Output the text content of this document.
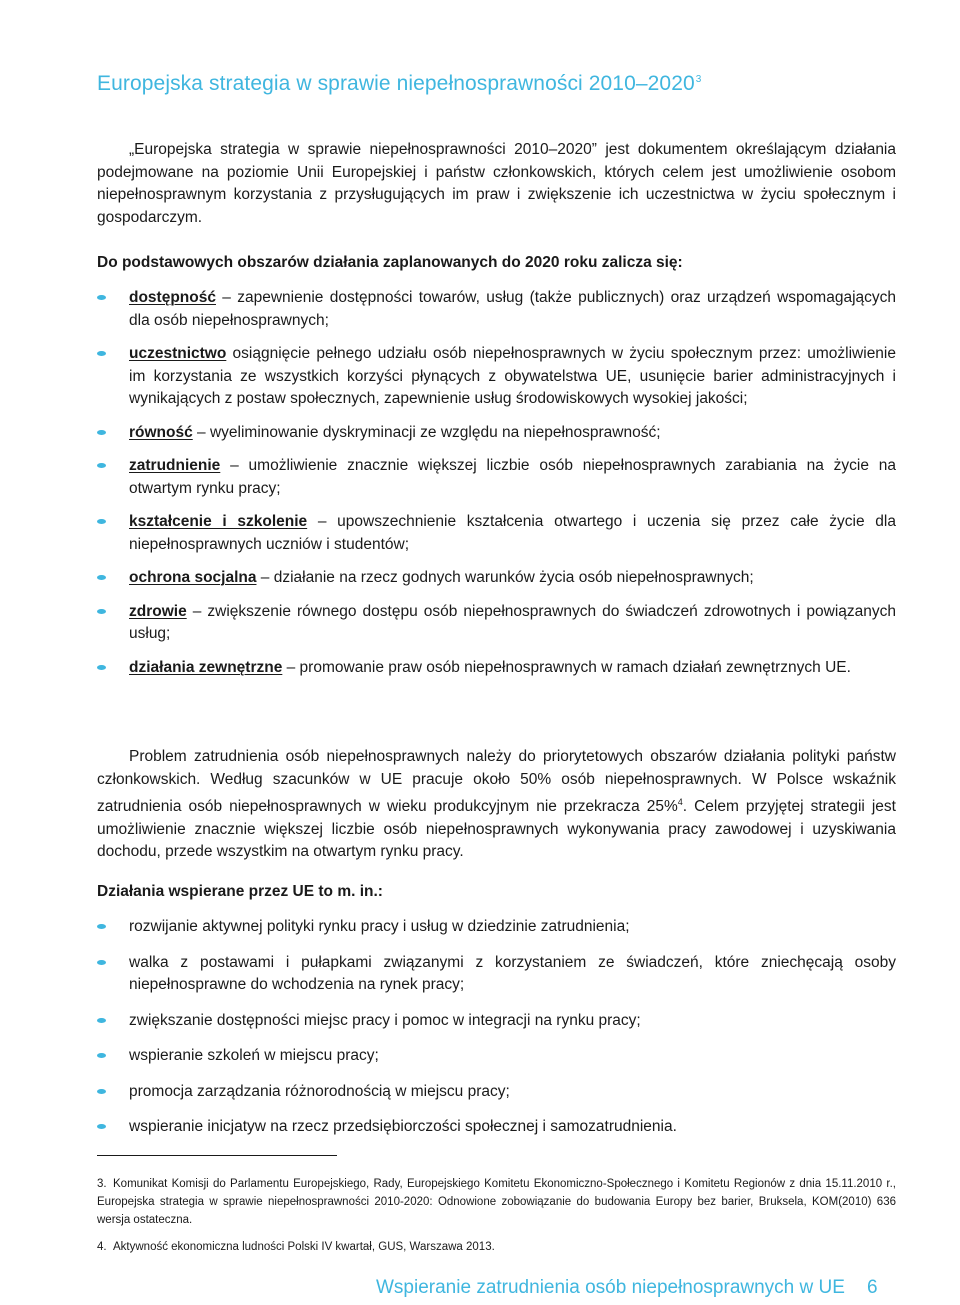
Europejska strategia w sprawie niepełnosprawności 2010–2020$^3$

„Europejska strategia w sprawie niepełnosprawności 2010–2020” jest dokumentem określającym działania podejmowane na poziomie Unii Europejskiej i państw członkowskich, których celem jest umożliwienie osobom niepełnosprawnym korzystania z przysługujących im praw i zwiększenie ich uczestnictwa w życiu społecznym i gospodarczym.

Do podstawowych obszarów działania zaplanowanych do 2020 roku zalicza się:

dostępność – zapewnienie dostępności towarów, usług (także publicznych) oraz urządzeń wspomagających dla osób niepełnosprawnych;
uczestnictwo osiągnięcie pełnego udziału osób niepełnosprawnych w życiu społecznym przez: umożliwienie im korzystania ze wszystkich korzyści płynących z obywatelstwa UE, usunięcie barier administracyjnych i wynikających z postaw społecznych, zapewnienie usług środowiskowych wysokiej jakości;
równość – wyeliminowanie dyskryminacji ze względu na niepełnosprawność;
zatrudnienie – umożliwienie znacznie większej liczbie osób niepełnosprawnych zarabiania na życie na otwartym rynku pracy;
kształcenie i szkolenie – upowszechnienie kształcenia otwartego i uczenia się przez całe życie dla niepełnosprawnych uczniów i studentów;
ochrona socjalna – działanie na rzecz godnych warunków życia osób niepełnosprawnych;
zdrowie – zwiększenie równego dostępu osób niepełnosprawnych do świadczeń zdrowotnych i powiązanych usług;
działania zewnętrzne – promowanie praw osób niepełnosprawnych w ramach działań zewnętrznych UE.

Problem zatrudnienia osób niepełnosprawnych należy do priorytetowych obszarów działania polityki państw członkowskich. Według szacunków w UE pracuje około 50% osób niepełnosprawnych. W Polsce wskaźnik zatrudnienia osób niepełnosprawnych w wieku produkcyjnym nie przekracza 25%$^4$. Celem przyjętej strategii jest umożliwienie znacznie większej liczbie osób niepełnosprawnych wykonywania pracy zawodowej i uzyskiwania dochodu, przede wszystkim na otwartym rynku pracy.

Działania wspierane przez UE to m. in.:

rozwijanie aktywnej polityki rynku pracy i usług w dziedzinie zatrudnienia;
walka z postawami i pułapkami związanymi z korzystaniem ze świadczeń, które zniechęcają osoby niepełnosprawne do wchodzenia na rynek pracy;
zwiększanie dostępności miejsc pracy i pomoc w integracji na rynku pracy;
wspieranie szkoleń w miejscu pracy;
promocja zarządzania różnorodnością w miejscu pracy;
wspieranie inicjatyw na rzecz przedsiębiorczości społecznej i samozatrudnienia.

3. Komunikat Komisji do Parlamentu Europejskiego, Rady, Europejskiego Komitetu Ekonomiczno-Społecznego i Komitetu Regionów z dnia 15.11.2010 r., Europejska strategia w sprawie niepełnosprawności 2010-2020: Odnowione zobowiązanie do budowania Europy bez barier, Bruksela, KOM(2010) 636 wersja ostateczna.

4. Aktywność ekonomiczna ludności Polski IV kwartał, GUS, Warszawa 2013.

Wspieranie zatrudnienia osób niepełnosprawnych w UE 6
